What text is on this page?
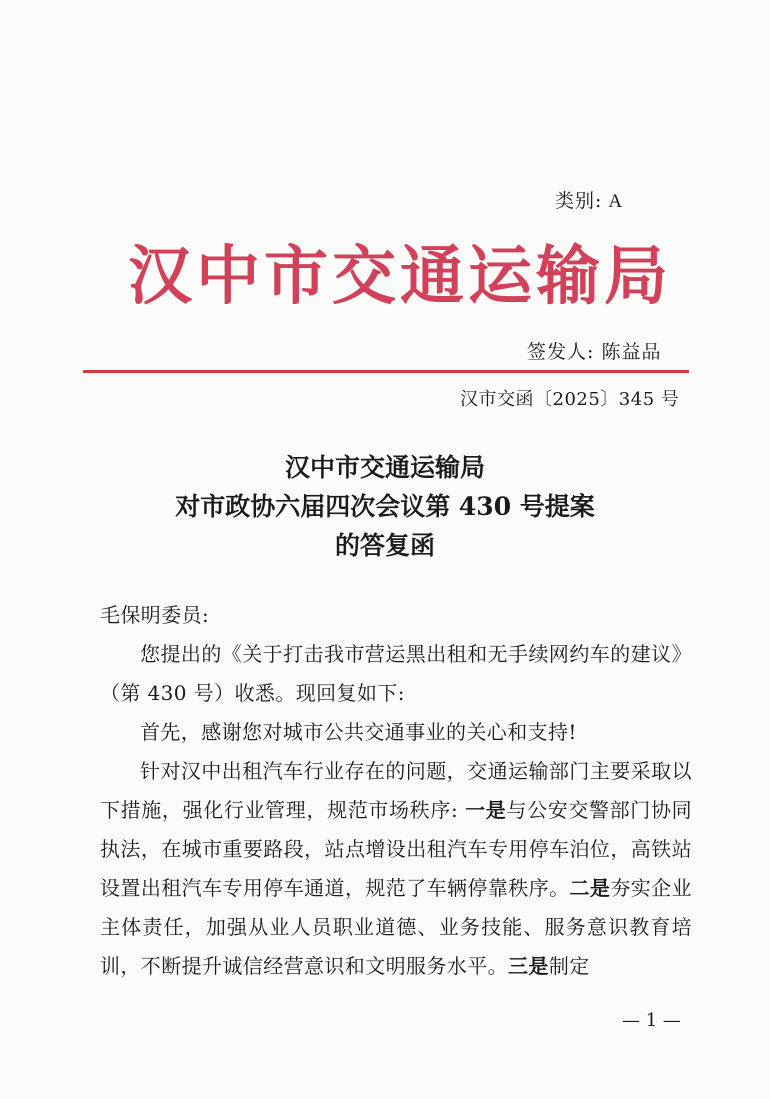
类别: A
汉中市交通运输局
签发人: 陈益品
汉市交函〔2025〕345 号
汉中市交通运输局
对市政协六届四次会议第 430 号提案
的答复函

毛保明委员:

您提出的《关于打击我市营运黑出租和无手续网约车的建议》（第 430 号）收悉。现回复如下:

首先，感谢您对城市公共交通事业的关心和支持!

针对汉中出租汽车行业存在的问题，交通运输部门主要采取以下措施，强化行业管理，规范市场秩序: 一是与公安交警部门协同执法，在城市重要路段，站点增设出租汽车专用停车泊位，高铁站设置出租汽车专用停车通道，规范了车辆停靠秩序。二是夯实企业主体责任，加强从业人员职业道德、业务技能、服务意识教育培训，不断提升诚信经营意识和文明服务水平。三是制定

— 1 —
